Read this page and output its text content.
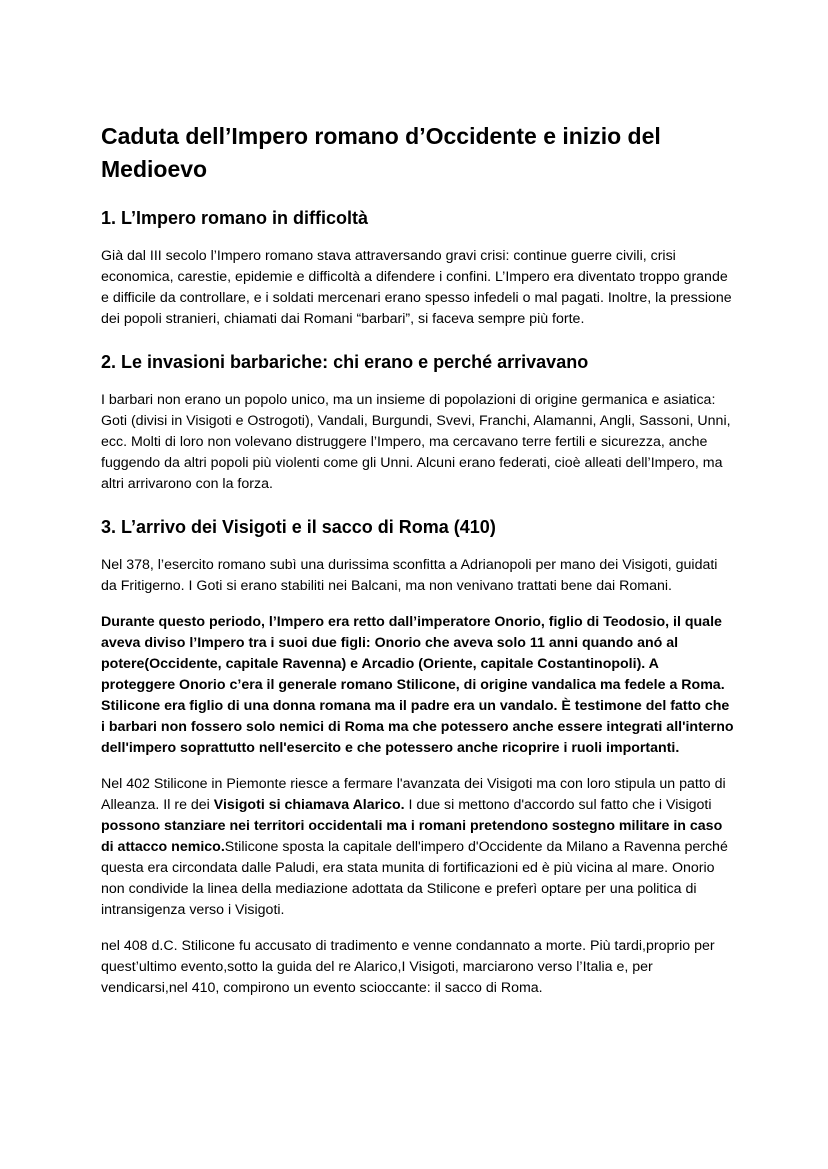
Caduta dell’Impero romano d’Occidente e inizio del Medioevo
1. L’Impero romano in difficoltà

Già dal III secolo l’Impero romano stava attraversando gravi crisi: continue guerre civili, crisi economica, carestie, epidemie e difficoltà a difendere i confini. L’Impero era diventato troppo grande e difficile da controllare, e i soldati mercenari erano spesso infedeli o mal pagati. Inoltre, la pressione dei popoli stranieri, chiamati dai Romani “barbari”, si faceva sempre più forte.

2. Le invasioni barbariche: chi erano e perché arrivavano

I barbari non erano un popolo unico, ma un insieme di popolazioni di origine germanica e asiatica: Goti (divisi in Visigoti e Ostrogoti), Vandali, Burgundi, Svevi, Franchi, Alamanni, Angli, Sassoni, Unni, ecc. Molti di loro non volevano distruggere l’Impero, ma cercavano terre fertili e sicurezza, anche fuggendo da altri popoli più violenti come gli Unni. Alcuni erano federati, cioè alleati dell’Impero, ma altri arrivarono con la forza.

3. L’arrivo dei Visigoti e il sacco di Roma (410)

Nel 378, l’esercito romano subì una durissima sconfitta a Adrianopoli per mano dei Visigoti, guidati da Fritigerno. I Goti si erano stabiliti nei Balcani, ma non venivano trattati bene dai Romani.

Durante questo periodo, l’Impero era retto dall’imperatore Onorio, figlio di Teodosio, il quale aveva diviso l’Impero tra i suoi due figli: Onorio che aveva solo 11 anni quando anó al potere(Occidente, capitale Ravenna) e Arcadio (Oriente, capitale Costantinopoli). A proteggere Onorio c’era il generale romano Stilicone, di origine vandalica ma fedele a Roma. Stilicone era figlio di una donna romana ma il padre era un vandalo. È testimone del fatto che i barbari non fossero solo nemici di Roma ma che potessero anche essere integrati all'interno dell'impero soprattutto nell'esercito e che potessero anche ricoprire i ruoli importanti.

Nel 402 Stilicone in Piemonte riesce a fermare l'avanzata dei Visigoti ma con loro stipula un patto di Alleanza. Il re dei Visigoti si chiamava Alarico. I due si mettono d'accordo sul fatto che i Visigoti possono stanziare nei territori occidentali ma i romani pretendono sostegno militare in caso di attacco nemico.Stilicone sposta la capitale dell'impero d'Occidente da Milano a Ravenna perché questa era circondata dalle Paludi, era stata munita di fortificazioni ed è più vicina al mare. Onorio non condivide la linea della mediazione adottata da Stilicone e preferì optare per una politica di intransigenza verso i Visigoti.

nel 408 d.C. Stilicone fu accusato di tradimento e venne condannato a morte. Più tardi,proprio per quest’ultimo evento,sotto la guida del re Alarico,I Visigoti, marciarono verso l’Italia e, per vendicarsi,nel 410, compirono un evento scioccante: il sacco di Roma.
